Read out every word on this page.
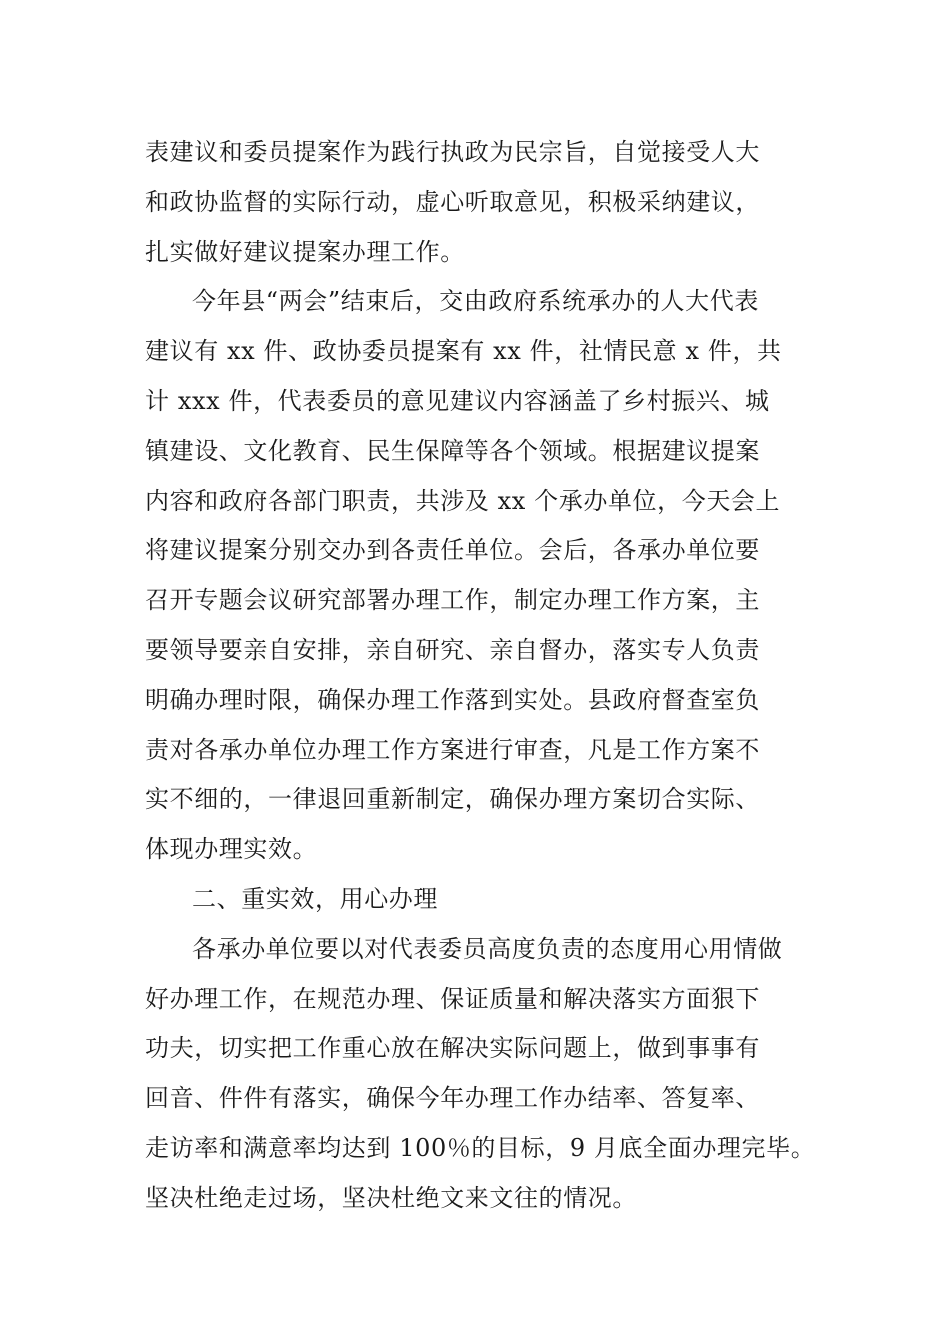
表建议和委员提案作为践行执政为民宗旨，自觉接受人大
和政协监督的实际行动，虚心听取意见，积极采纳建议，
扎实做好建议提案办理工作。
今年县“两会”结束后，交由政府系统承办的人大代表
建议有 xx 件、政协委员提案有 xx 件，社情民意 x 件，共
计 xxx 件，代表委员的意见建议内容涵盖了乡村振兴、城
镇建设、文化教育、民生保障等各个领域。根据建议提案
内容和政府各部门职责，共涉及 xx 个承办单位，今天会上
将建议提案分别交办到各责任单位。会后，各承办单位要
召开专题会议研究部署办理工作，制定办理工作方案，主
要领导要亲自安排，亲自研究、亲自督办，落实专人负责
明确办理时限，确保办理工作落到实处。县政府督查室负
责对各承办单位办理工作方案进行审查，凡是工作方案不
实不细的，一律退回重新制定，确保办理方案切合实际、
体现办理实效。
二、重实效，用心办理
各承办单位要以对代表委员高度负责的态度用心用情做
好办理工作，在规范办理、保证质量和解决落实方面狠下
功夫，切实把工作重心放在解决实际问题上，做到事事有
回音、件件有落实，确保今年办理工作办结率、答复率、
走访率和满意率均达到 100％的目标，9 月底全面办理完毕。
坚决杜绝走过场，坚决杜绝文来文往的情况。
